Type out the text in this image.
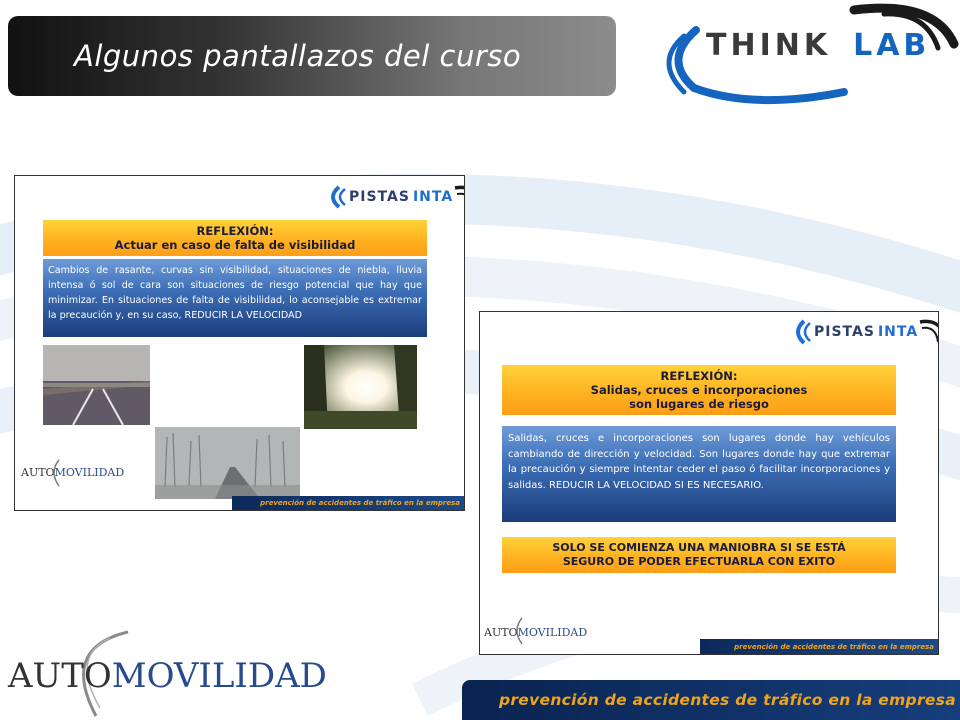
Algunos pantallazos del curso	THINK LAB
PISTAS INTA
REFLEXIÓN:
Actuar en caso de falta de visibilidad
Cambios de rasante, curvas sin visibilidad, situaciones de niebla, lluvia intensa ó sol de cara son situaciones de riesgo potencial que hay que minimizar. En situaciones de falta de visibilidad, lo aconsejable es extremar la precaución y, en su caso, REDUCIR LA VELOCIDAD
AUTO MOVILIDAD
prevención de accidentes de tráfico en la empresa
PISTAS INTA
REFLEXIÓN:
Salidas, cruces e incorporaciones
son lugares de riesgo
Salidas, cruces e incorporaciones son lugares donde hay vehículos cambiando de dirección y velocidad. Son lugares donde hay que extremar la precaución y siempre intentar ceder el paso ó facilitar incorporaciones y salidas. REDUCIR LA VELOCIDAD SI ES NECESARIO.
SOLO SE COMIENZA UNA MANIOBRA SI SE ESTÁ
SEGURO DE PODER EFECTUARLA CON EXITO
AUTO MOVILIDAD
prevención de accidentes de tráfico en la empresa
AUTOMOVILIDAD
prevención de accidentes de tráfico en la empresa
